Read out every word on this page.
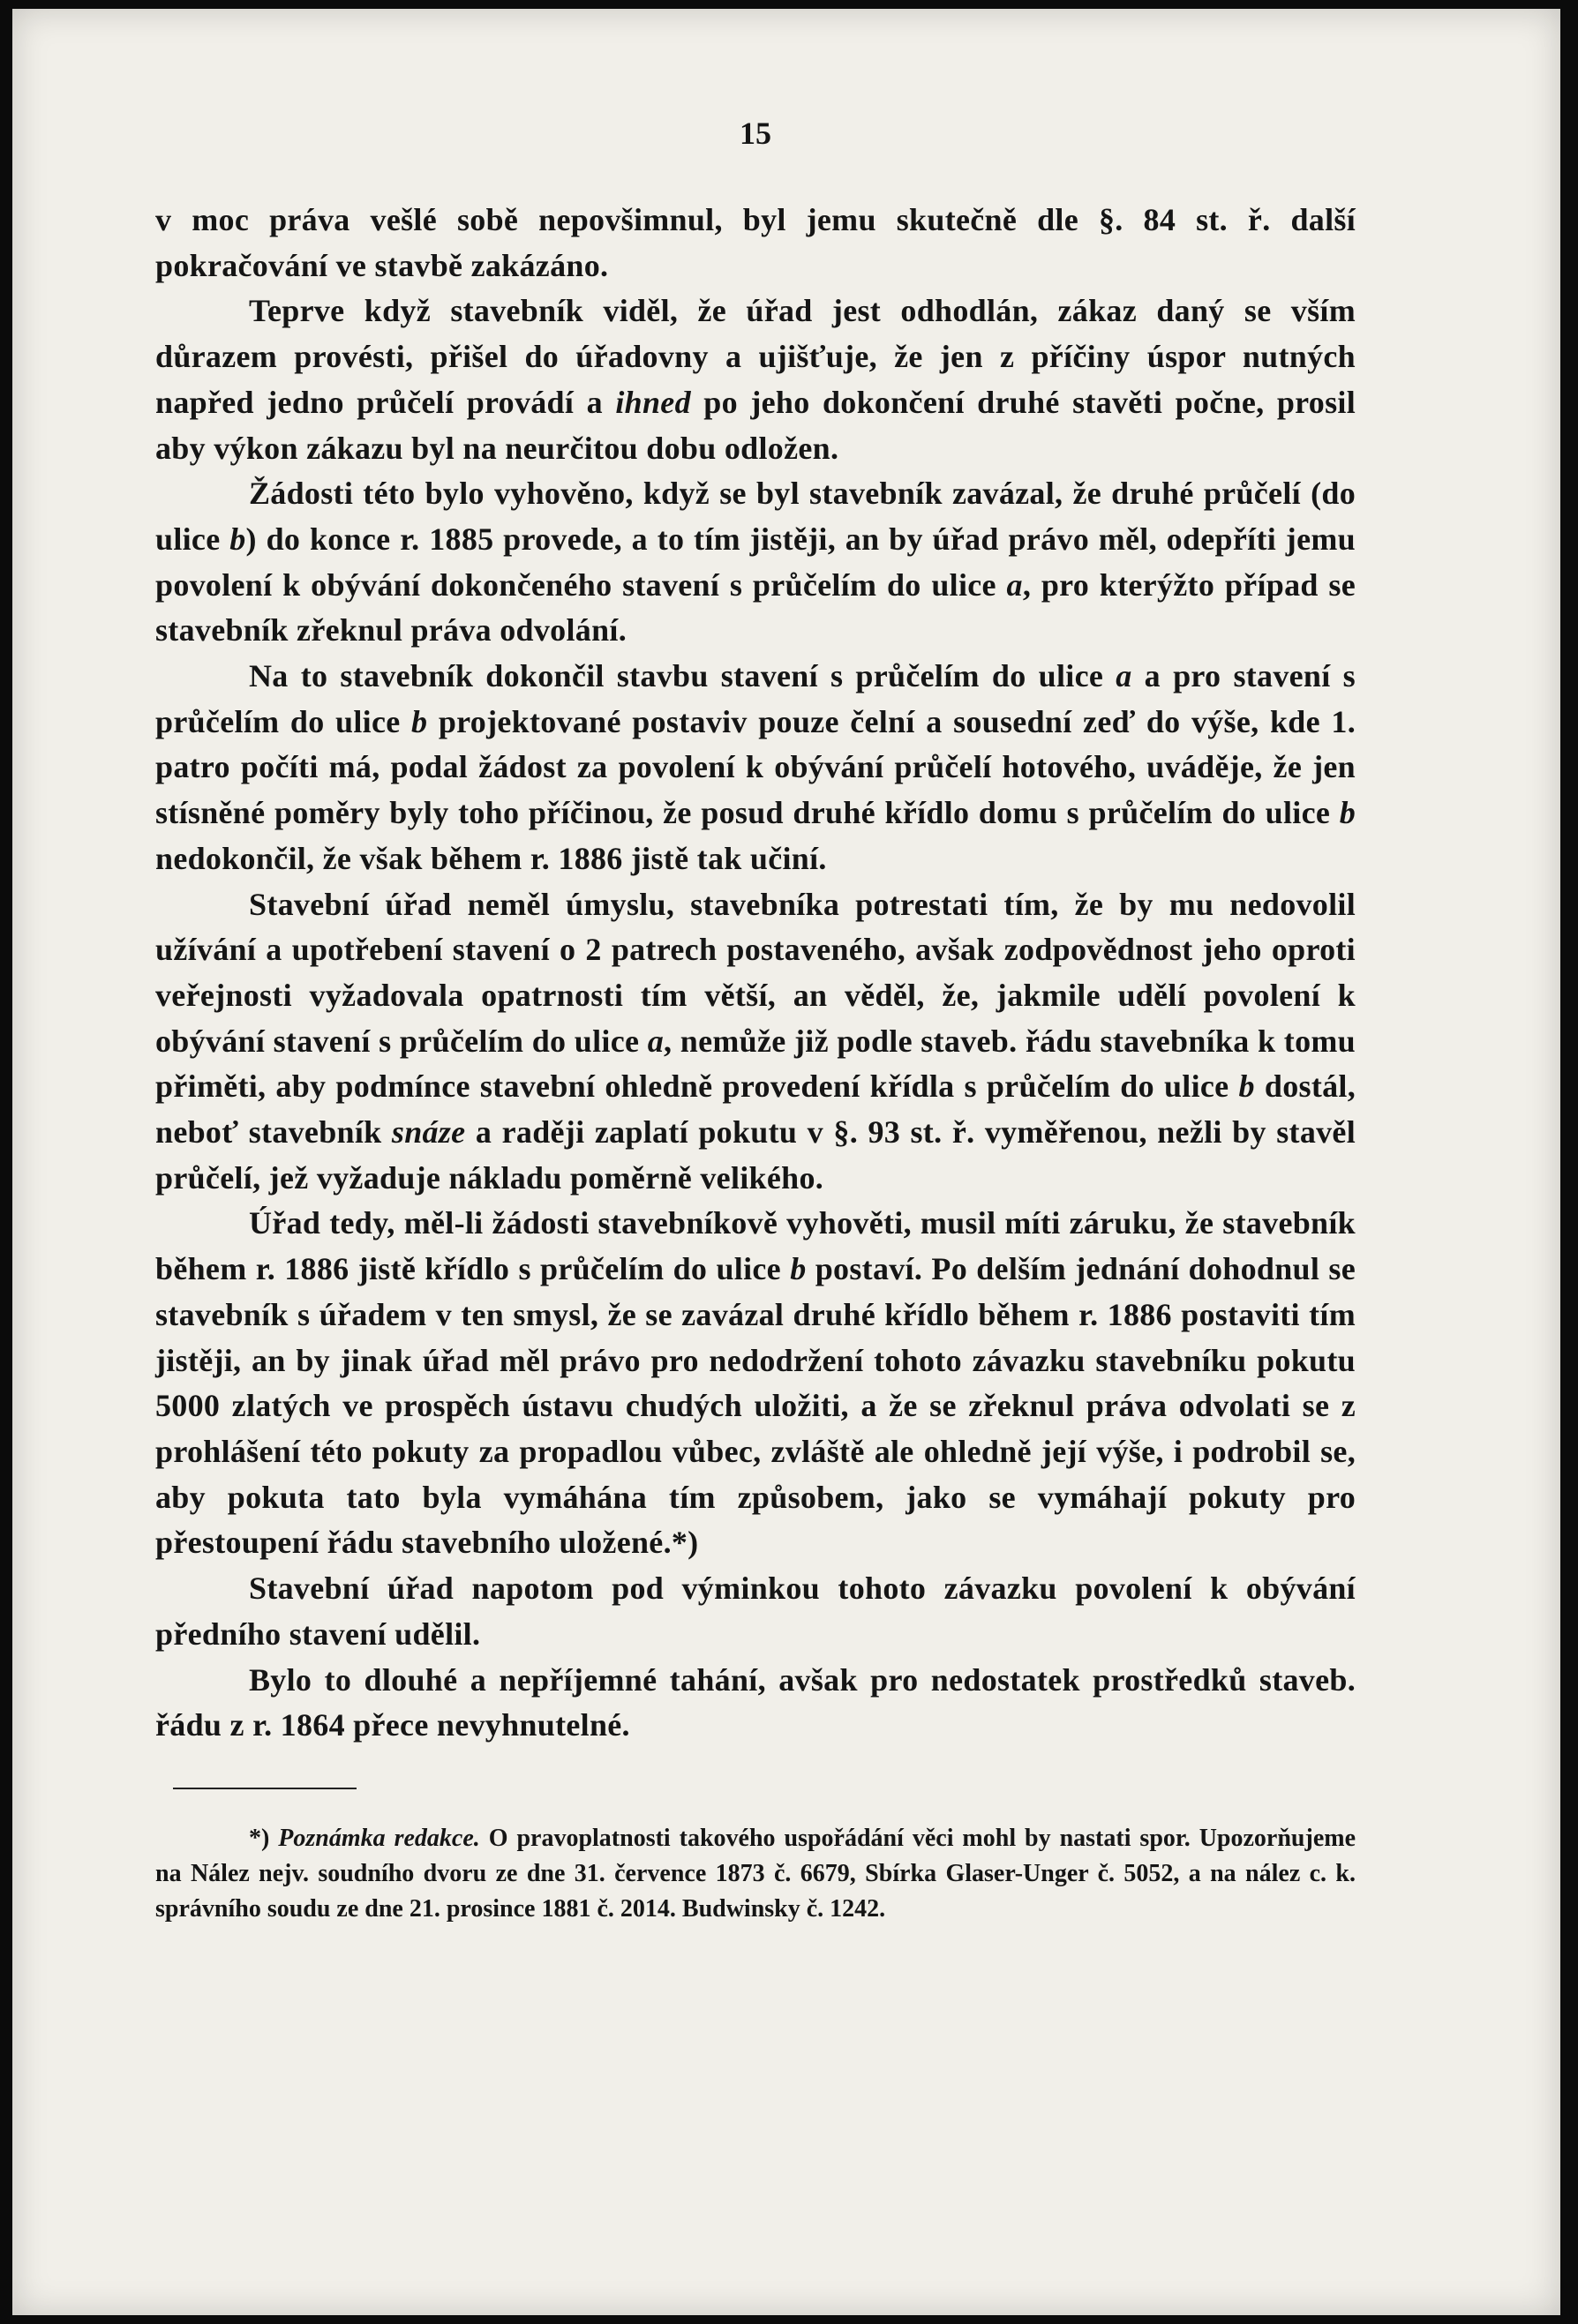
15

v moc práva vešlé sobě nepovšimnul, byl jemu skutečně dle §. 84 st. ř. další pokračování ve stavbě zakázáno.

Teprve když stavebník viděl, že úřad jest odhodlán, zákaz daný se vším důrazem provésti, přišel do úřadovny a ujišťuje, že jen z příčiny úspor nutných napřed jedno průčelí provádí a ihned po jeho dokončení druhé stavěti počne, prosil aby výkon zákazu byl na neurčitou dobu odložen.

Žádosti této bylo vyhověno, když se byl stavebník zavázal, že druhé průčelí (do ulice b) do konce r. 1885 provede, a to tím jistěji, an by úřad právo měl, odepříti jemu povolení k obývání dokončeného stavení s průčelím do ulice a, pro kterýžto případ se stavebník zřeknul práva odvolání.

Na to stavebník dokončil stavbu stavení s průčelím do ulice a a pro stavení s průčelím do ulice b projektované postaviv pouze čelní a sousední zeď do výše, kde 1. patro počíti má, podal žádost za povolení k obývání průčelí hotového, uváděje, že jen stísněné poměry byly toho příčinou, že posud druhé křídlo domu s průčelím do ulice b nedokončil, že však během r. 1886 jistě tak učiní.

Stavební úřad neměl úmyslu, stavebníka potrestati tím, že by mu nedovolil užívání a upotřebení stavení o 2 patrech postaveného, avšak zodpovědnost jeho oproti veřejnosti vyžadovala opatrnosti tím větší, an věděl, že, jakmile udělí povolení k obývání stavení s průčelím do ulice a, nemůže již podle staveb. řádu stavebníka k tomu přiměti, aby podmínce stavební ohledně provedení křídla s průčelím do ulice b dostál, neboť stavebník snáze a raději zaplatí pokutu v §. 93 st. ř. vyměřenou, nežli by stavěl průčelí, jež vyžaduje nákladu poměrně velikého.

Úřad tedy, měl-li žádosti stavebníkově vyhověti, musil míti záruku, že stavebník během r. 1886 jistě křídlo s průčelím do ulice b postaví. Po delším jednání dohodnul se stavebník s úřadem v ten smysl, že se zavázal druhé křídlo během r. 1886 postaviti tím jistěji, an by jinak úřad měl právo pro nedodržení tohoto závazku stavebníku pokutu 5000 zlatých ve prospěch ústavu chudých uložiti, a že se zřeknul práva odvolati se z prohlášení této pokuty za propadlou vůbec, zvláště ale ohledně její výše, i podrobil se, aby pokuta tato byla vymáhána tím způsobem, jako se vymáhají pokuty pro přestoupení řádu stavebního uložené.*)

Stavební úřad napotom pod výminkou tohoto závazku povolení k obývání předního stavení udělil.

Bylo to dlouhé a nepříjemné tahání, avšak pro nedostatek prostředků staveb. řádu z r. 1864 přece nevyhnutelné.

*) Poznámka redakce. O pravoplatnosti takového uspořádání věci mohl by nastati spor. Upozorňujeme na Nález nejv. soudního dvoru ze dne 31. července 1873 č. 6679, Sbírka Glaser-Unger č. 5052, a na nález c. k. správního soudu ze dne 21. prosince 1881 č. 2014. Budwinsky č. 1242.
